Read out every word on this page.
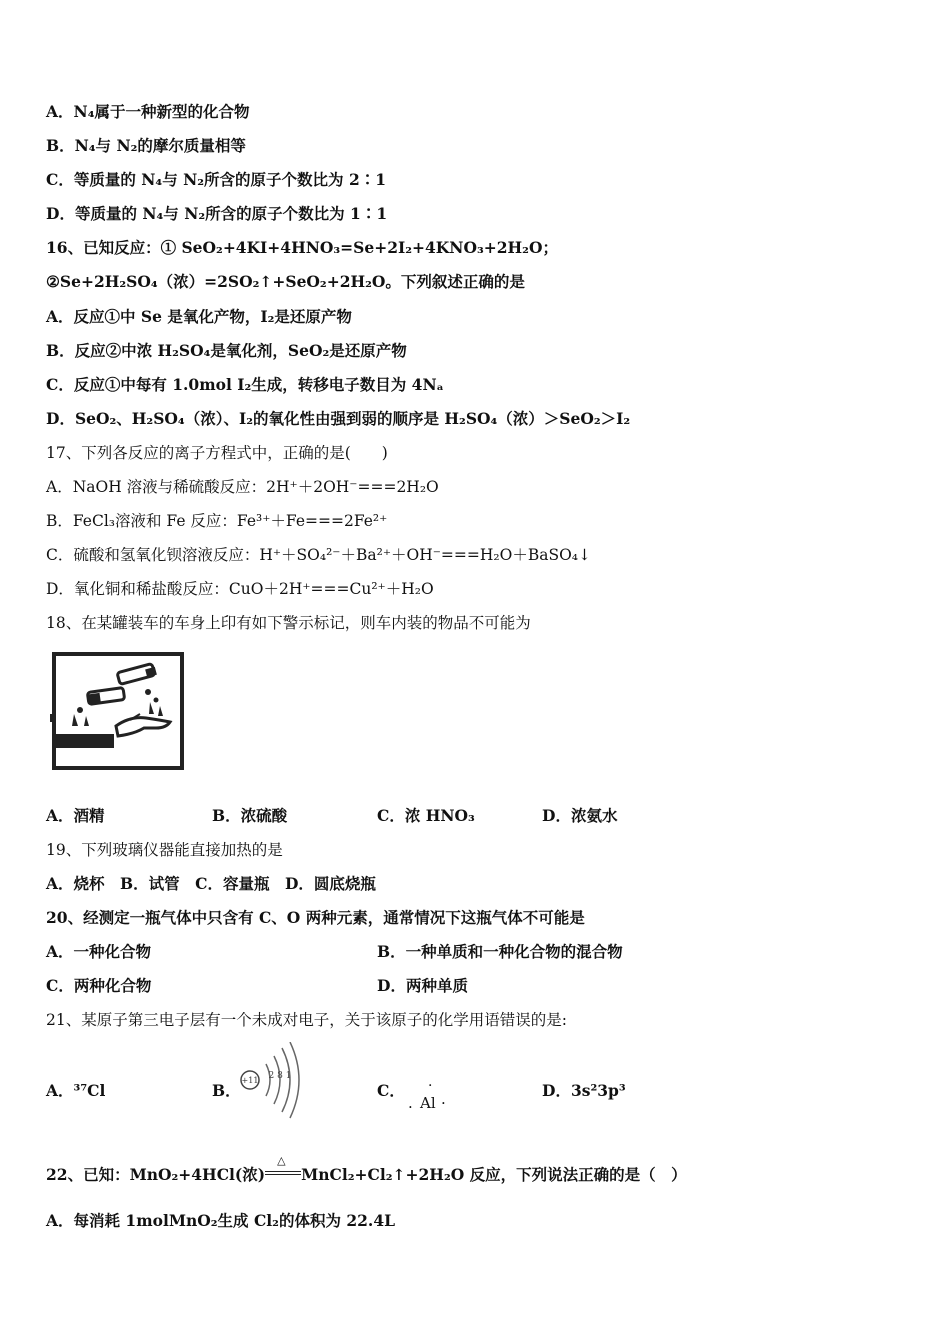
A．N₄属于一种新型的化合物
B．N₄与 N₂的摩尔质量相等
C．等质量的 N₄与 N₂所含的原子个数比为 2∶1
D．等质量的 N₄与 N₂所含的原子个数比为 1∶1
16、已知反应：① SeO₂+4KI+4HNO₃=Se+2I₂+4KNO₃+2H₂O；
②Se+2H₂SO₄（浓）=2SO₂↑+SeO₂+2H₂O。下列叙述正确的是
A．反应①中 Se 是氧化产物，I₂是还原产物
B．反应②中浓 H₂SO₄是氧化剂，SeO₂是还原产物
C．反应①中每有 1.0mol I₂生成，转移电子数目为 4Nₐ
D．SeO₂、H₂SO₄（浓）、I₂的氧化性由强到弱的顺序是 H₂SO₄（浓）＞SeO₂＞I₂
17、下列各反应的离子方程式中，正确的是(　　)
A．NaOH 溶液与稀硫酸反应：2H⁺＋2OH⁻===2H₂O
B．FeCl₃溶液和 Fe 反应：Fe³⁺＋Fe===2Fe²⁺
C．硫酸和氢氧化钡溶液反应：H⁺＋SO₄²⁻＋Ba²⁺＋OH⁻===H₂O＋BaSO₄↓
D．氧化铜和稀盐酸反应：CuO＋2H⁺===Cu²⁺＋H₂O
18、在某罐装车的车身上印有如下警示标记，则车内装的物品不可能为
A．酒精	B．浓硫酸	C．浓 HNO₃	D．浓氨水
19、下列玻璃仪器能直接加热的是
A．烧杯　B．试管　C．容量瓶　D．圆底烧瓶
20、经测定一瓶气体中只含有 C、O 两种元素，通常情况下这瓶气体不可能是
A．一种化合物	B．一种单质和一种化合物的混合物
C．两种化合物	D．两种单质
21、某原子第三电子层有一个未成对电子，关于该原子的化学用语错误的是:
A．³⁷Cl	B．
+11 2 8 1
C． ·
. Al ·
D．3s²3p³
22、已知：MnO₂+4HCl(浓)
△
MnCl₂+Cl₂↑+2H₂O 反应，下列说法正确的是（　）
A．每消耗 1molMnO₂生成 Cl₂的体积为 22.4L
